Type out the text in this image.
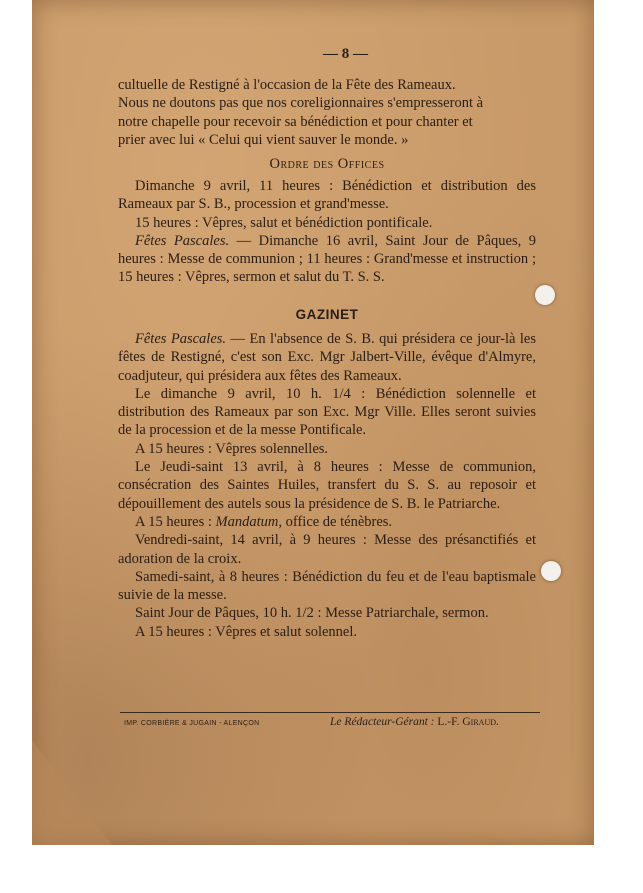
— 8 —
cultuelle de Restigné à l'occasion de la Fête des Rameaux.
Nous ne doutons pas que nos coreligionnaires s'empresseront à
notre chapelle pour recevoir sa bénédiction et pour chanter et
prier avec lui « Celui qui vient sauver le monde. »
Ordre des Offices

Dimanche 9 avril, 11 heures : Bénédiction et distribution des Rameaux par S. B., procession et grand'messe.

15 heures : Vêpres, salut et bénédiction pontificale.

Fêtes Pascales. — Dimanche 16 avril, Saint Jour de Pâques, 9 heures : Messe de communion ; 11 heures : Grand'messe et instruction ; 15 heures : Vêpres, sermon et salut du T. S. S.

GAZINET

Fêtes Pascales. — En l'absence de S. B. qui présidera ce jour-là les fêtes de Restigné, c'est son Exc. Mgr Jalbert-Ville, évêque d'Almyre, coadjuteur, qui présidera aux fêtes des Rameaux.

Le dimanche 9 avril, 10 h. 1/4 : Bénédiction solennelle et distribution des Rameaux par son Exc. Mgr Ville. Elles seront suivies de la procession et de la messe Pontificale.

A 15 heures : Vêpres solennelles.

Le Jeudi-saint 13 avril, à 8 heures : Messe de communion, consécration des Saintes Huiles, transfert du S. S. au reposoir et dépouillement des autels sous la présidence de S. B. le Patriarche.

A 15 heures : Mandatum, office de ténèbres.

Vendredi-saint, 14 avril, à 9 heures : Messe des présanctifiés et adoration de la croix.

Samedi-saint, à 8 heures : Bénédiction du feu et de l'eau baptismale suivie de la messe.

Saint Jour de Pâques, 10 h. 1/2 : Messe Patriarchale, sermon.

A 15 heures : Vêpres et salut solennel.

IMP. CORBIÈRE & JUGAIN - ALENÇON	Le Rédacteur-Gérant : L.-F. Giraud.
